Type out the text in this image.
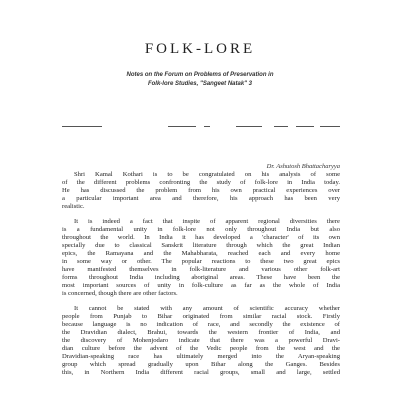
FOLK-LORE
Notes on the Forum on Problems of Preservation in
Folk-lore Studies, "Sangeet Natak" 3
Dr. Ashutosh Bhattacharyya

Shri Kamal Kothari is to be congratulated on his analysis of some
of the different problems confronting the study of folk-lore in India today.
He has discussed the problem from his own practical experiences over
a particular important area and therefore, his approach has been very
realistic.

It is indeed a fact that inspite of apparent regional diversities there
is a fundamental unity in folk-lore not only throughout India but also
throughout the world. In India it has developed a 'character' of its own
specially due to classical Sanskrit literature through which the great Indian
epics, the Ramayana and the Mahabharata, reached each and every home
in some way or other. The popular reactions to these two great epics
have manifested themselves in folk-literature and various other folk-art
forms throughout India including aboriginal areas. These have been the
most important sources of unity in folk-culture as far as the whole of India
is concerned, though there are other factors.

It cannot be stated with any amount of scientific accuracy whether
people from Punjab to Bihar originated from similar racial stock. Firstly
because language is no indication of race, and secondly the existence of
the Dravidian dialect, Brahui, towards the western frontier of India, and
the discovery of Mohenjodaro indicate that there was a powerful Dravi-
dian culture before the advent of the Vedic people from the west and the
Dravidian-speaking race has ultimately merged into the Aryan-speaking
group which spread gradually upon Bihar along the Ganges. Besides
this, in Northern India different racial groups, small and large, settled
